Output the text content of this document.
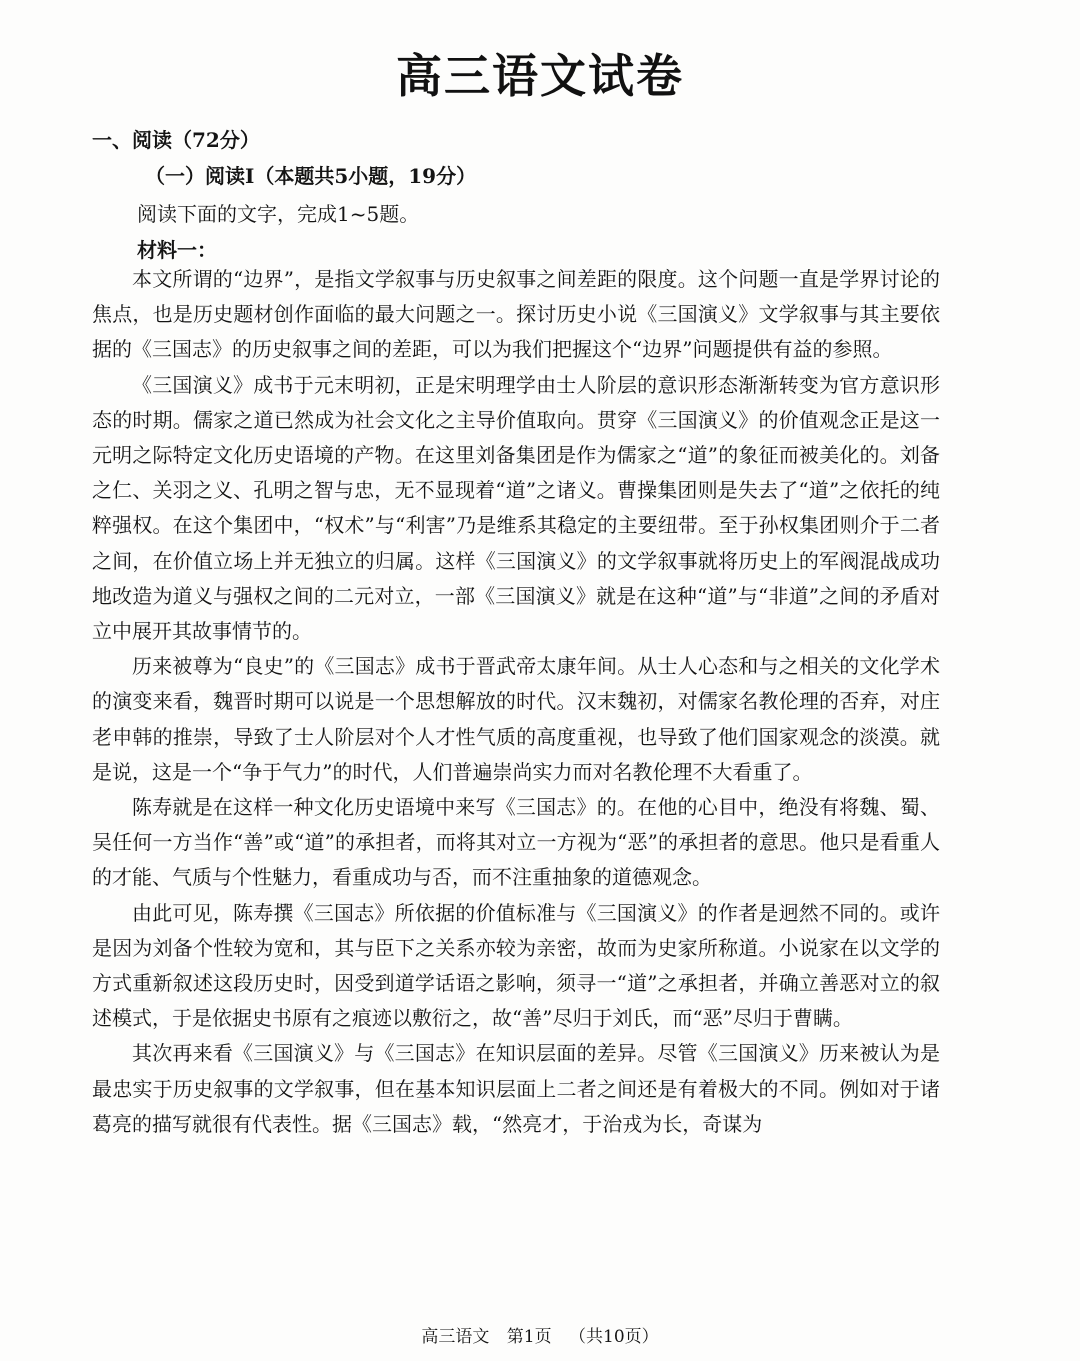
高三语文试卷
一、阅读（72分）
（一）阅读Ⅰ（本题共5小题，19分）
阅读下面的文字，完成1~5题。
材料一：

本文所谓的“边界”，是指文学叙事与历史叙事之间差距的限度。这个问题一直是学界讨论的焦点，也是历史题材创作面临的最大问题之一。探讨历史小说《三国演义》文学叙事与其主要依据的《三国志》的历史叙事之间的差距，可以为我们把握这个“边界”问题提供有益的参照。

《三国演义》成书于元末明初，正是宋明理学由士人阶层的意识形态渐渐转变为官方意识形态的时期。儒家之道已然成为社会文化之主导价值取向。贯穿《三国演义》的价值观念正是这一元明之际特定文化历史语境的产物。在这里刘备集团是作为儒家之“道”的象征而被美化的。刘备之仁、关羽之义、孔明之智与忠，无不显现着“道”之诸义。曹操集团则是失去了“道”之依托的纯粹强权。在这个集团中，“权术”与“利害”乃是维系其稳定的主要纽带。至于孙权集团则介于二者之间，在价值立场上并无独立的归属。这样《三国演义》的文学叙事就将历史上的军阀混战成功地改造为道义与强权之间的二元对立，一部《三国演义》就是在这种“道”与“非道”之间的矛盾对立中展开其故事情节的。

历来被尊为“良史”的《三国志》成书于晋武帝太康年间。从士人心态和与之相关的文化学术的演变来看，魏晋时期可以说是一个思想解放的时代。汉末魏初，对儒家名教伦理的否弃，对庄老申韩的推崇，导致了士人阶层对个人才性气质的高度重视，也导致了他们国家观念的淡漠。就是说，这是一个“争于气力”的时代，人们普遍崇尚实力而对名教伦理不大看重了。

陈寿就是在这样一种文化历史语境中来写《三国志》的。在他的心目中，绝没有将魏、蜀、吴任何一方当作“善”或“道”的承担者，而将其对立一方视为“恶”的承担者的意思。他只是看重人的才能、气质与个性魅力，看重成功与否，而不注重抽象的道德观念。

由此可见，陈寿撰《三国志》所依据的价值标准与《三国演义》的作者是迥然不同的。或许是因为刘备个性较为宽和，其与臣下之关系亦较为亲密，故而为史家所称道。小说家在以文学的方式重新叙述这段历史时，因受到道学话语之影响，须寻一“道”之承担者，并确立善恶对立的叙述模式，于是依据史书原有之痕迹以敷衍之，故“善”尽归于刘氏，而“恶”尽归于曹瞒。

其次再来看《三国演义》与《三国志》在知识层面的差异。尽管《三国演义》历来被认为是最忠实于历史叙事的文学叙事，但在基本知识层面上二者之间还是有着极大的不同。例如对于诸葛亮的描写就很有代表性。据《三国志》载，“然亮才，于治戎为长，奇谋为

高三语文 第1页 （共10页）
